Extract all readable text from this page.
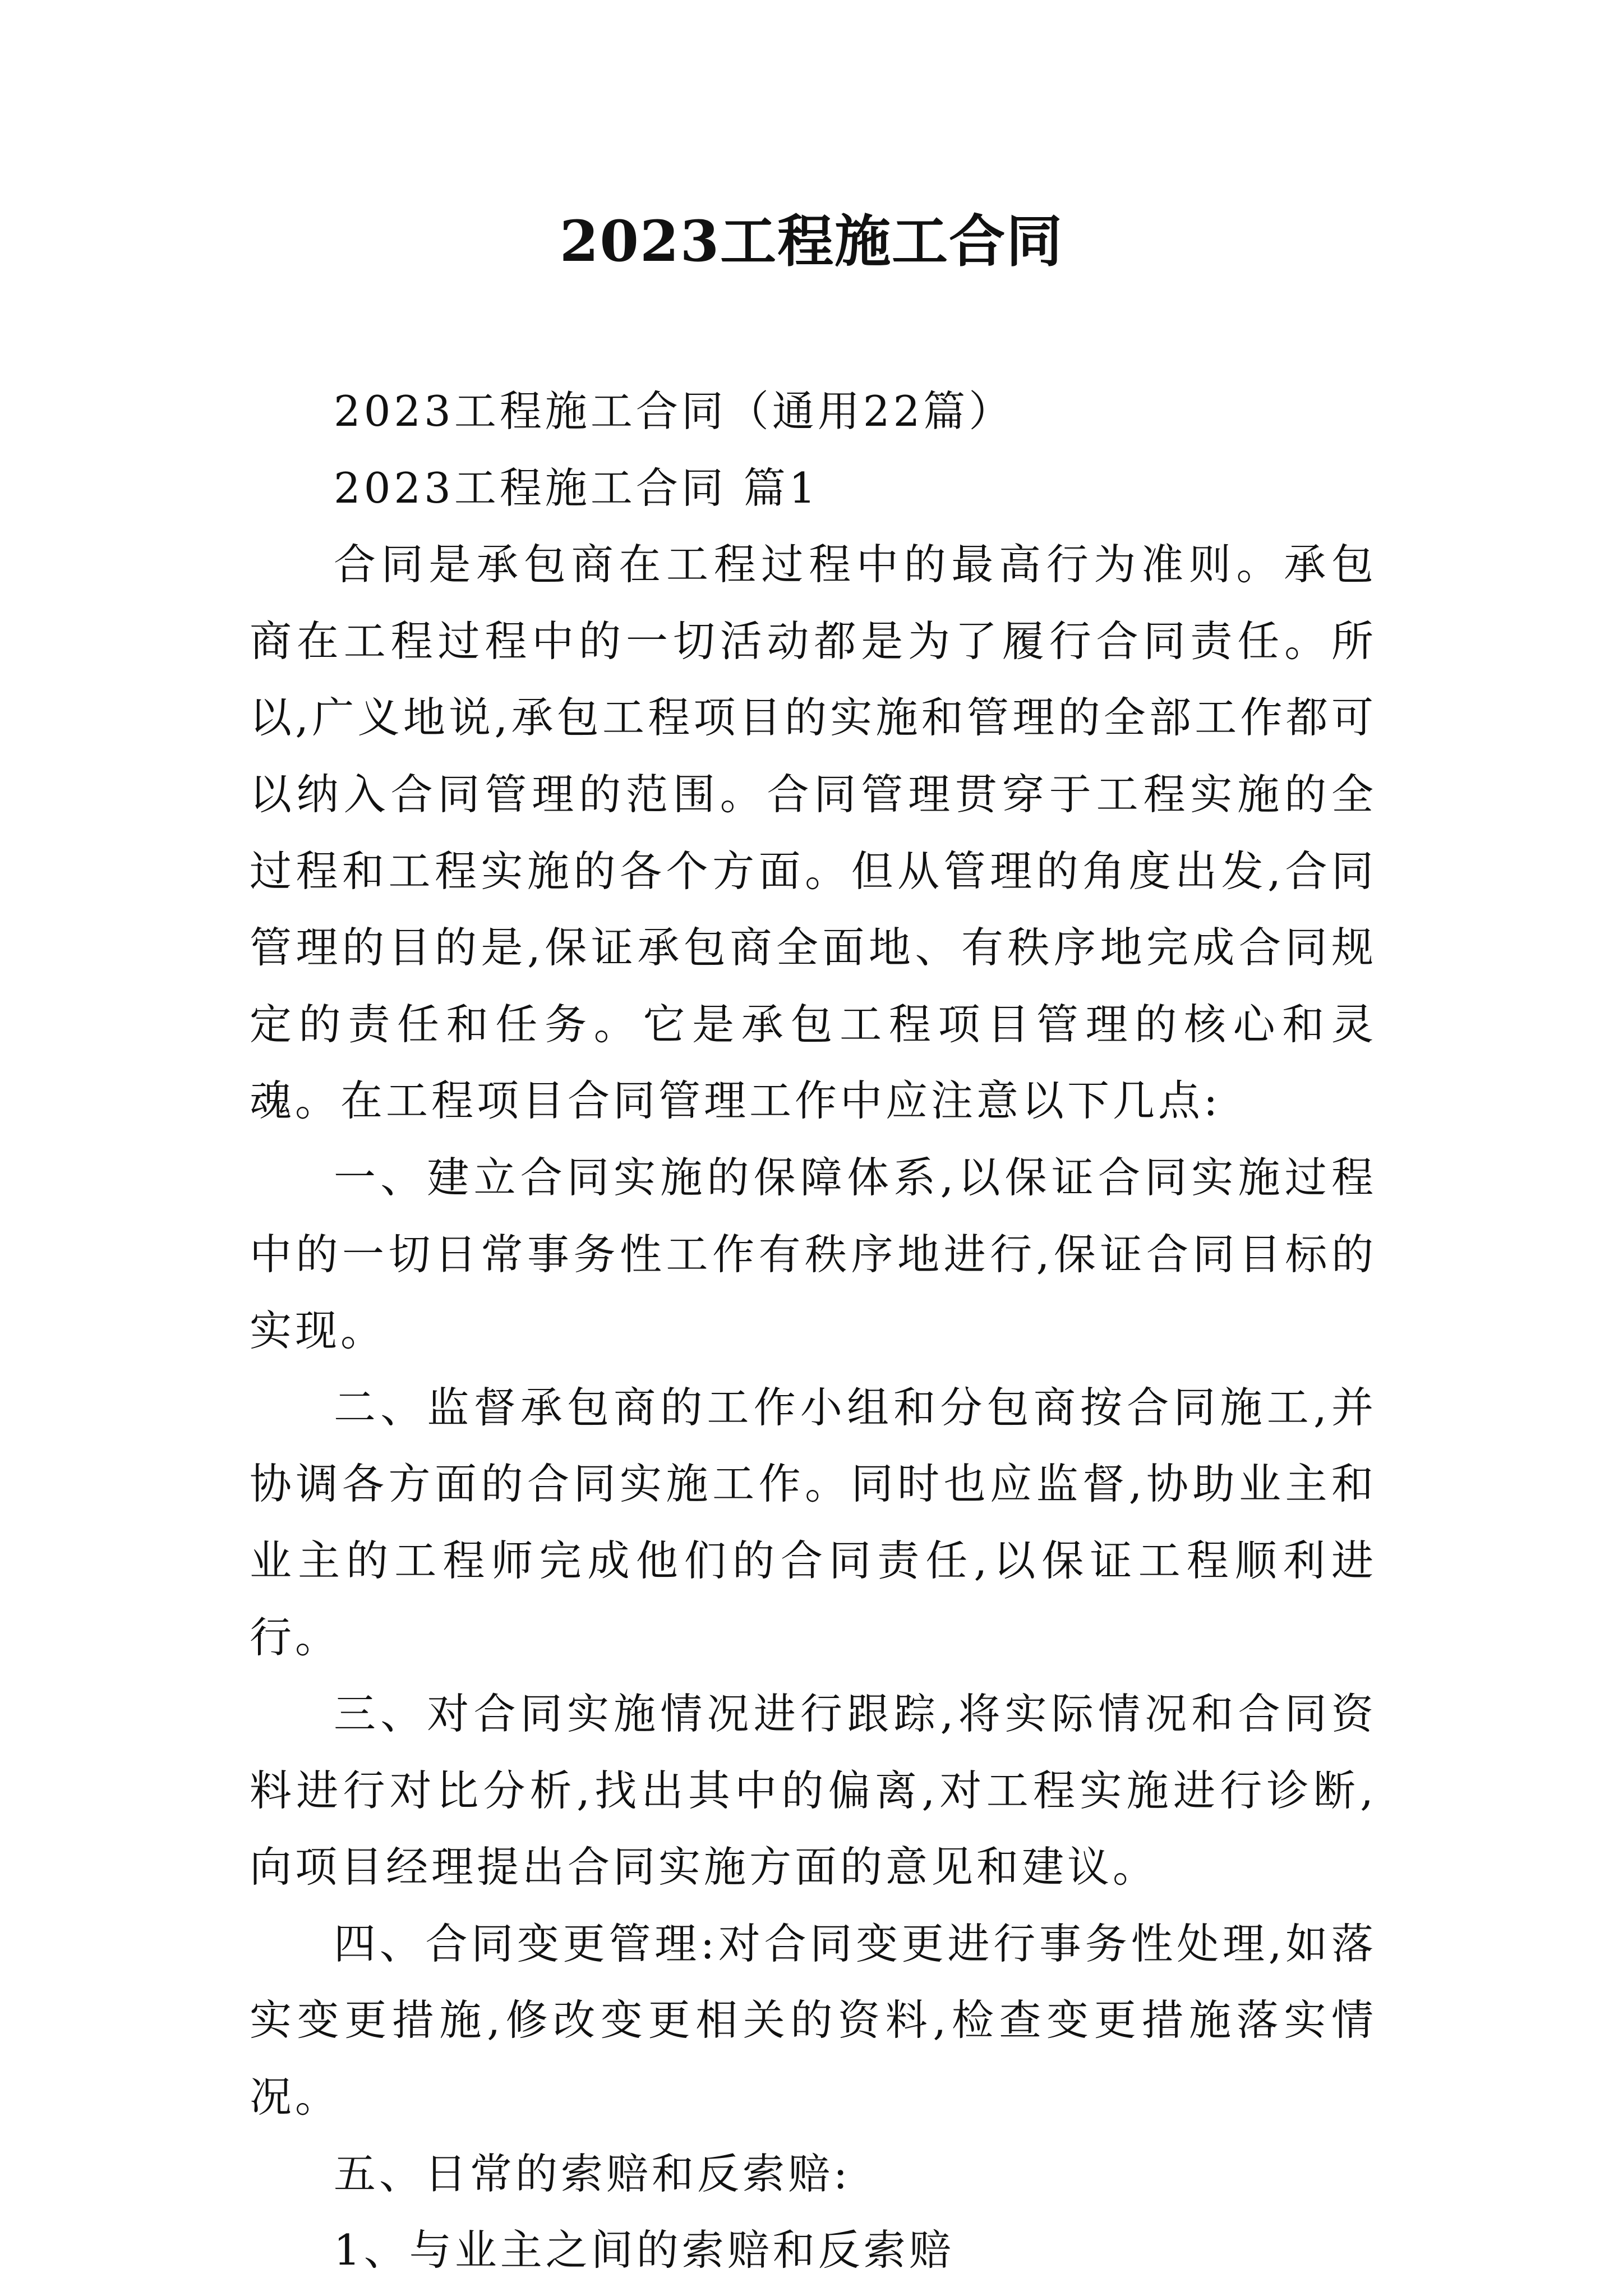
2023工程施工合同

2023工程施工合同（通用22篇）

2023工程施工合同 篇1

合同是承包商在工程过程中的最高行为准则。承包商在工程过程中的一切活动都是为了履行合同责任。所以,广义地说,承包工程项目的实施和管理的全部工作都可以纳入合同管理的范围。合同管理贯穿于工程实施的全过程和工程实施的各个方面。但从管理的角度出发,合同管理的目的是,保证承包商全面地、有秩序地完成合同规定的责任和任务。它是承包工程项目管理的核心和灵魂。在工程项目合同管理工作中应注意以下几点:

一、建立合同实施的保障体系,以保证合同实施过程中的一切日常事务性工作有秩序地进行,保证合同目标的实现。

二、监督承包商的工作小组和分包商按合同施工,并协调各方面的合同实施工作。同时也应监督,协助业主和业主的工程师完成他们的合同责任,以保证工程顺利进行。

三、对合同实施情况进行跟踪,将实际情况和合同资料进行对比分析,找出其中的偏离,对工程实施进行诊断,向项目经理提出合同实施方面的意见和建议。

四、合同变更管理:对合同变更进行事务性处理,如落实变更措施,修改变更相关的资料,检查变更措施落实情况。

五、日常的索赔和反索赔:

1、与业主之间的索赔和反索赔
